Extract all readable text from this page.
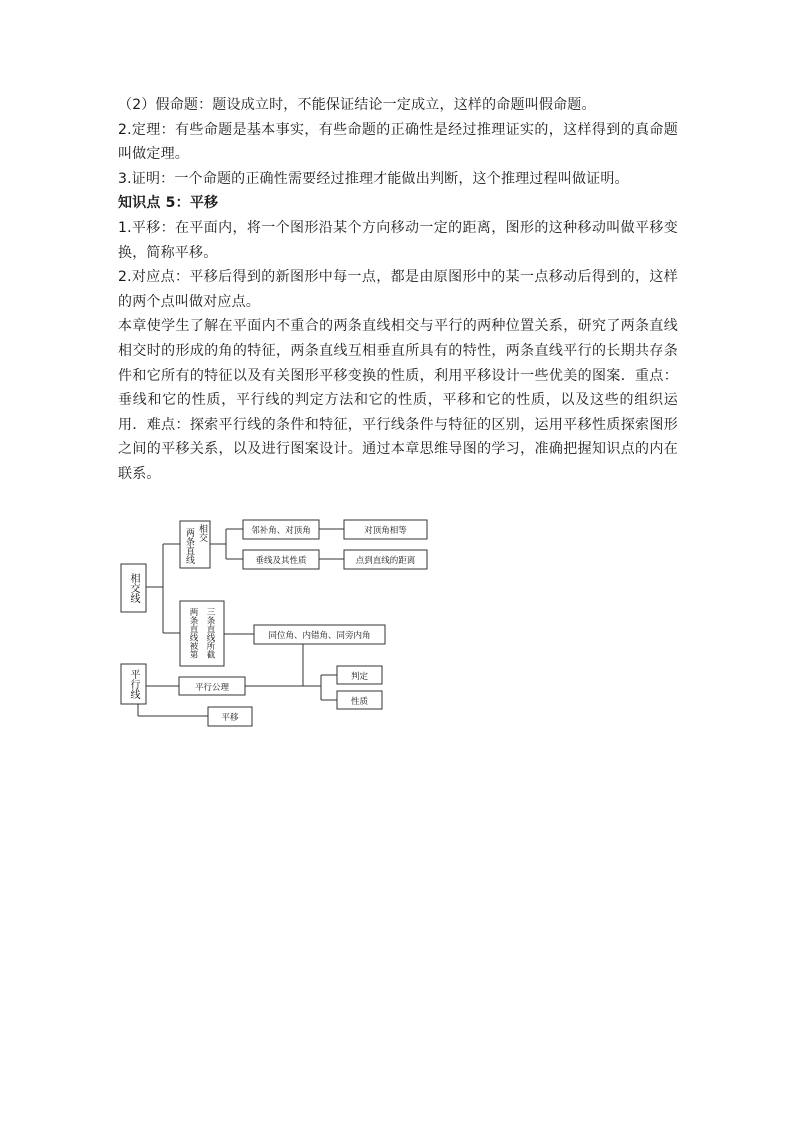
（2）假命题：题设成立时，不能保证结论一定成立，这样的命题叫假命题。

2.定理：有些命题是基本事实，有些命题的正确性是经过推理证实的，这样得到的真命题叫做定理。

3.证明：一个命题的正确性需要经过推理才能做出判断，这个推理过程叫做证明。

知识点 5：平移

1.平移：在平面内，将一个图形沿某个方向移动一定的距离，图形的这种移动叫做平移变换，简称平移。

2.对应点：平移后得到的新图形中每一点，都是由原图形中的某一点移动后得到的，这样的两个点叫做对应点。

本章使学生了解在平面内不重合的两条直线相交与平行的两种位置关系，研究了两条直线相交时的形成的角的特征，两条直线互相垂直所具有的特性，两条直线平行的长期共存条件和它所有的特征以及有关图形平移变换的性质，利用平移设计一些优美的图案．重点：垂线和它的性质，平行线的判定方法和它的性质，平移和它的性质，以及这些的组织运用．难点：探索平行线的条件和特征，平行线条件与特征的区别，运用平移性质探索图形之间的平移关系，以及进行图案设计。通过本章思维导图的学习，准确把握知识点的内在联系。

相交线
平行线
两条直线 相交
两条直线被第 三条直线所截
邻补角、对顶角	对顶角相等
垂线及其性质	点到直线的距离
同位角、内错角、同旁内角
平行公理
判定
性质
平移
